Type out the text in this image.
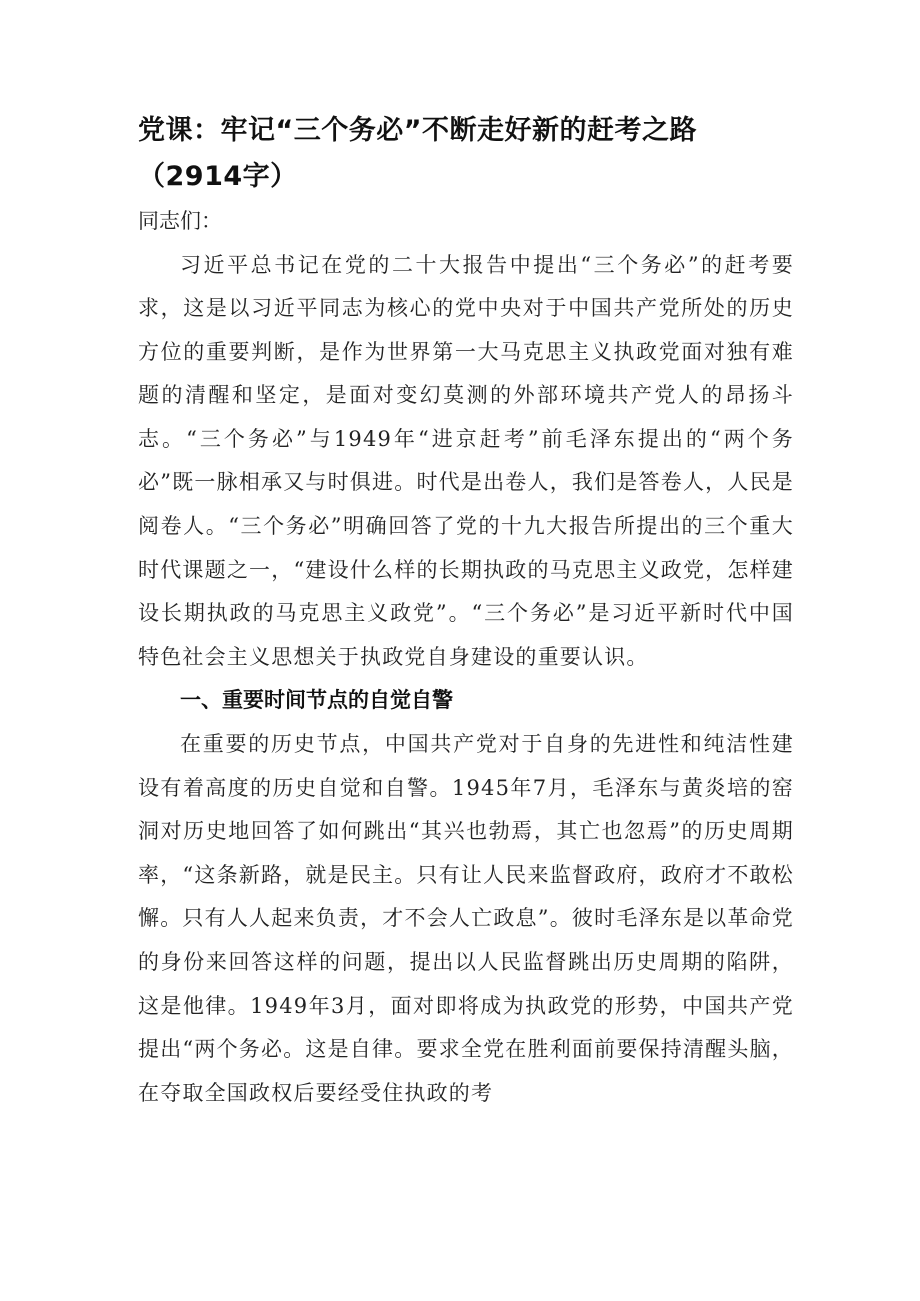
党课：牢记“三个务必”不断走好新的赶考之路（2914字）

同志们：

习近平总书记在党的二十大报告中提出“三个务必”的赶考要求，这是以习近平同志为核心的党中央对于中国共产党所处的历史方位的重要判断，是作为世界第一大马克思主义执政党面对独有难题的清醒和坚定，是面对变幻莫测的外部环境共产党人的昂扬斗志。“三个务必”与1949年“进京赶考”前毛泽东提出的“两个务必”既一脉相承又与时俱进。时代是出卷人，我们是答卷人，人民是阅卷人。“三个务必”明确回答了党的十九大报告所提出的三个重大时代课题之一，“建设什么样的长期执政的马克思主义政党，怎样建设长期执政的马克思主义政党”。“三个务必”是习近平新时代中国特色社会主义思想关于执政党自身建设的重要认识。

一、重要时间节点的自觉自警

在重要的历史节点，中国共产党对于自身的先进性和纯洁性建设有着高度的历史自觉和自警。1945年7月，毛泽东与黄炎培的窑洞对历史地回答了如何跳出“其兴也勃焉，其亡也忽焉”的历史周期率，“这条新路，就是民主。只有让人民来监督政府，政府才不敢松懈。只有人人起来负责，才不会人亡政息”。彼时毛泽东是以革命党的身份来回答这样的问题，提出以人民监督跳出历史周期的陷阱，这是他律。1949年3月，面对即将成为执政党的形势，中国共产党提出“两个务必。这是自律。要求全党在胜利面前要保持清醒头脑，在夺取全国政权后要经受住执政的考
